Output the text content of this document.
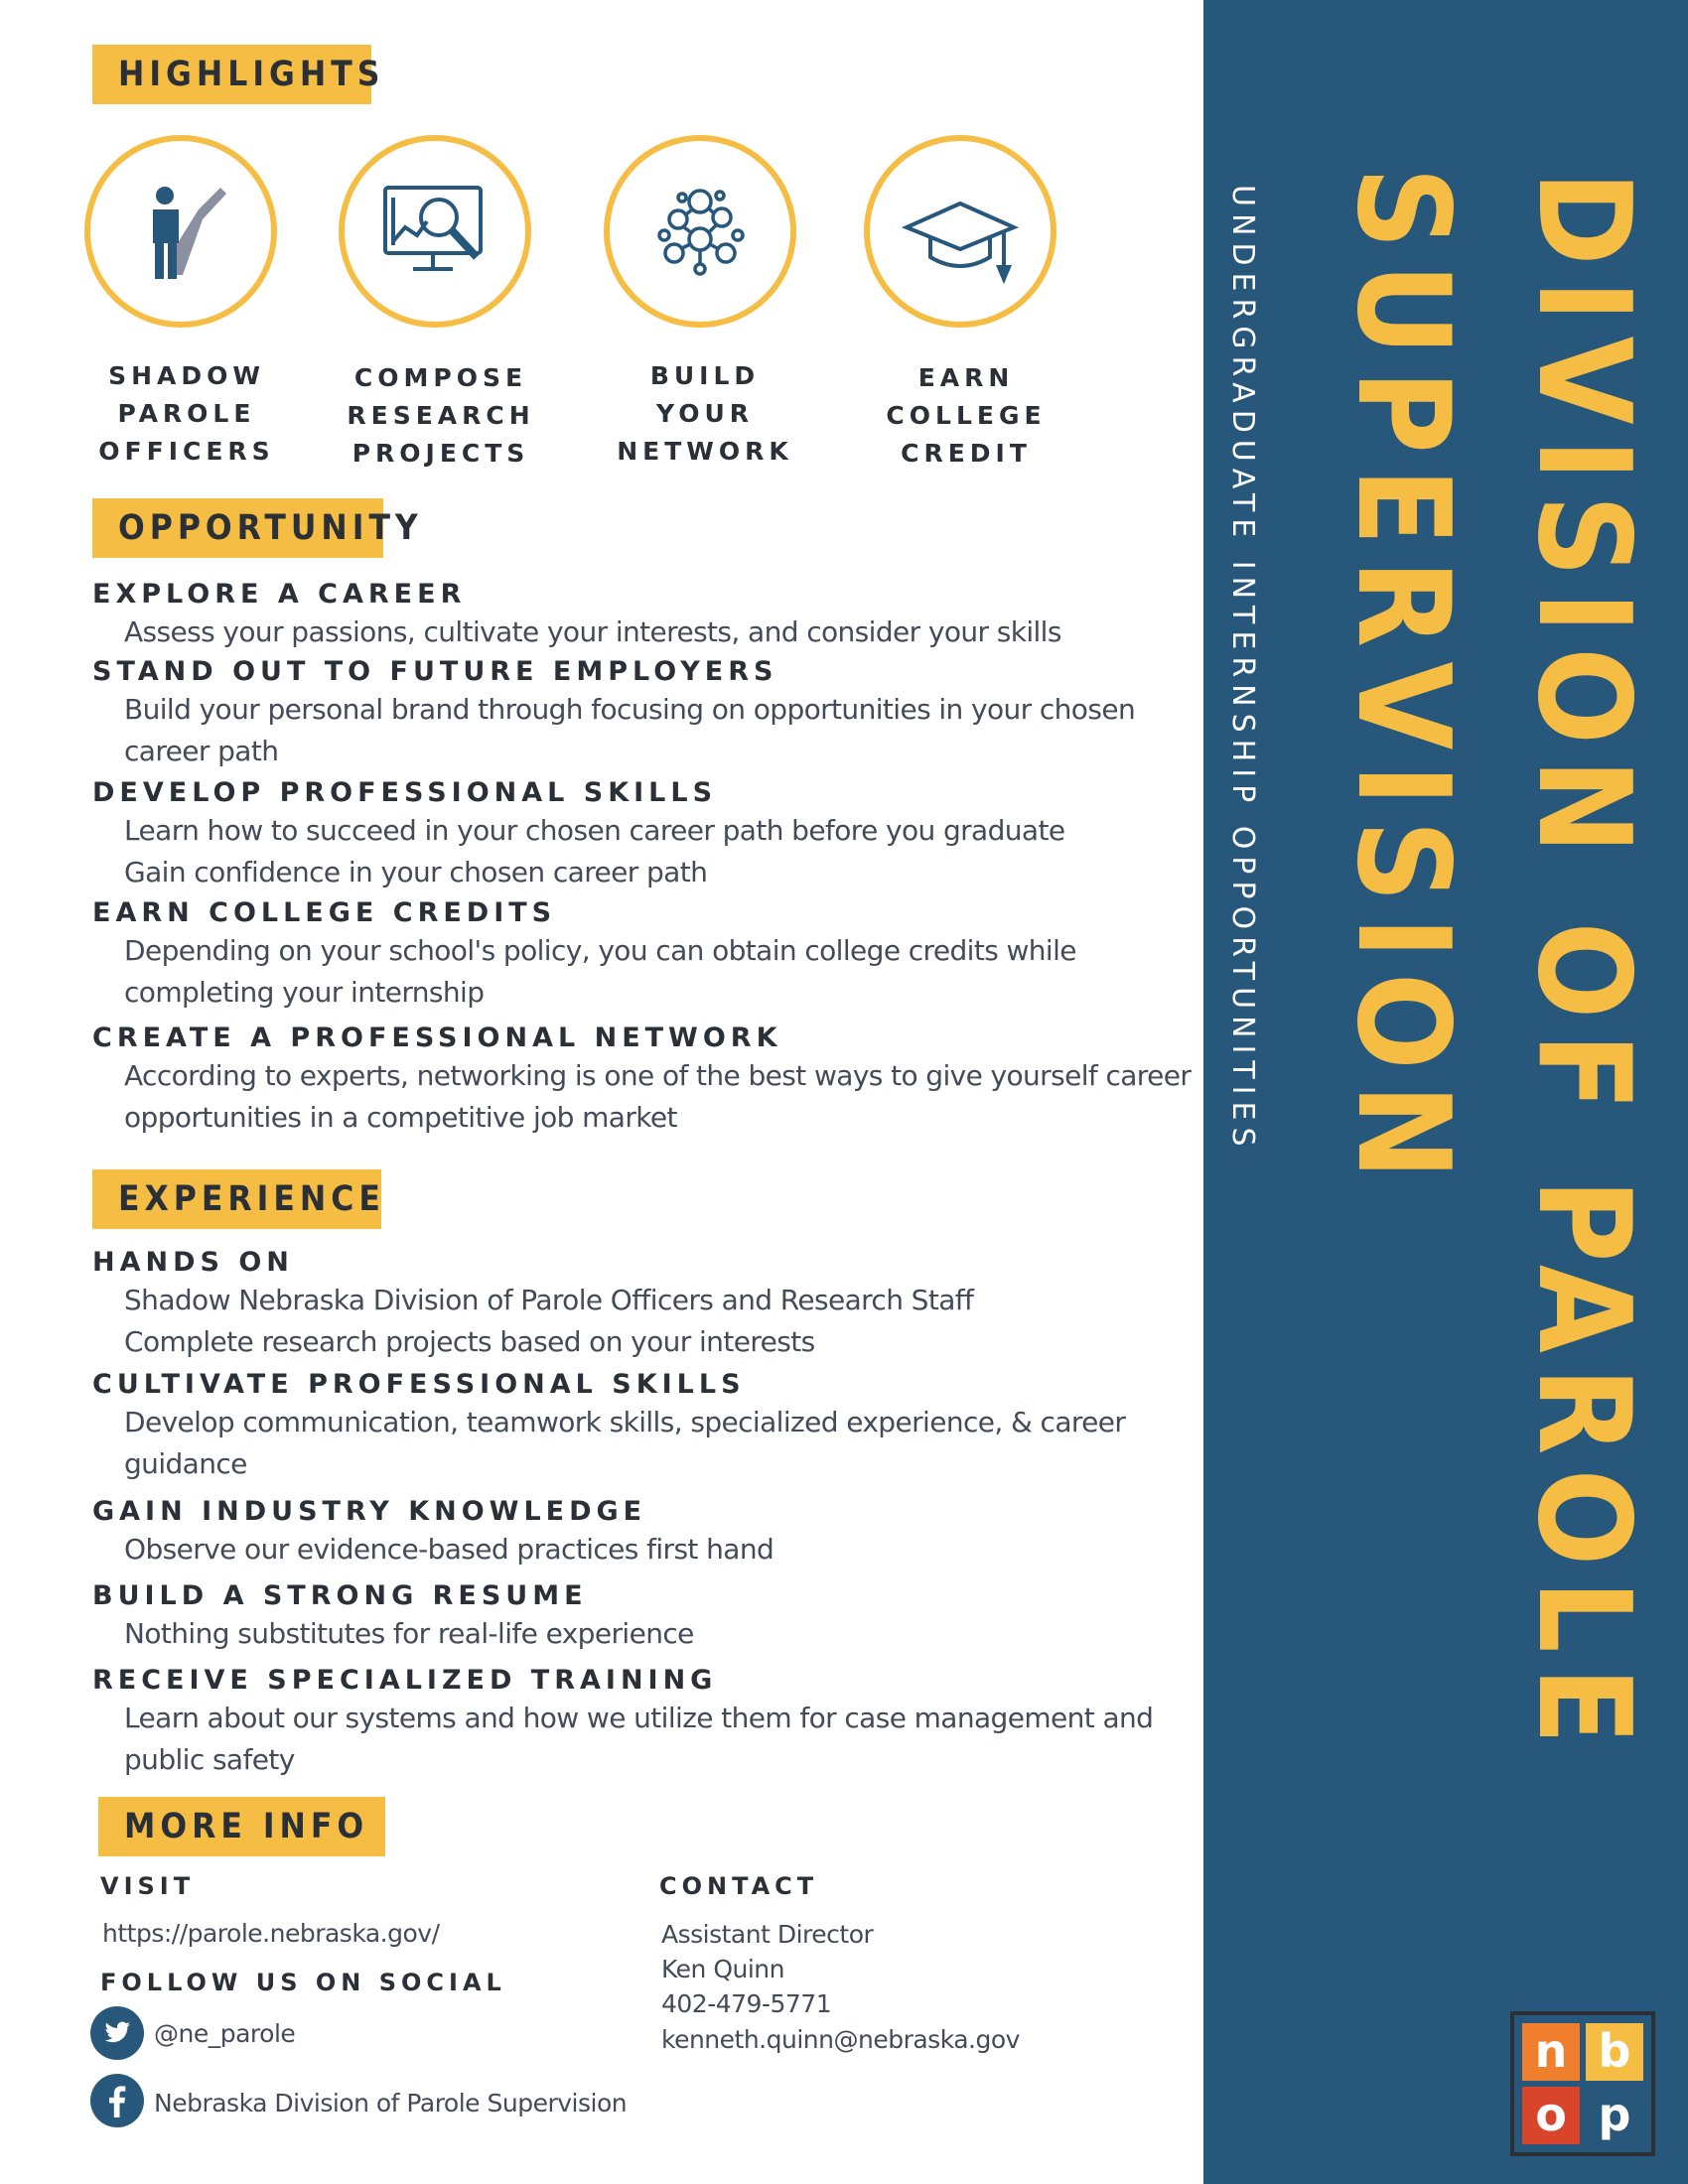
HIGHLIGHTS
SHADOW
PAROLE
OFFICERS
COMPOSE
RESEARCH
PROJECTS
BUILD
YOUR
NETWORK
EARN
COLLEGE
CREDIT
OPPORTUNITY
EXPLORE A CAREER
Assess your passions, cultivate your interests, and consider your skills
STAND OUT TO FUTURE EMPLOYERS
Build your personal brand through focusing on opportunities in your chosen
career path
DEVELOP PROFESSIONAL SKILLS
Learn how to succeed in your chosen career path before you graduate
Gain confidence in your chosen career path
EARN COLLEGE CREDITS
Depending on your school's policy, you can obtain college credits while
completing your internship
CREATE A PROFESSIONAL NETWORK
According to experts, networking is one of the best ways to give yourself career
opportunities in a competitive job market
EXPERIENCE
HANDS ON
Shadow Nebraska Division of Parole Officers and Research Staff
Complete research projects based on your interests
CULTIVATE PROFESSIONAL SKILLS
Develop communication, teamwork skills, specialized experience, & career
guidance
GAIN INDUSTRY KNOWLEDGE
Observe our evidence-based practices first hand
BUILD A STRONG RESUME
Nothing substitutes for real-life experience
RECEIVE SPECIALIZED TRAINING
Learn about our systems and how we utilize them for case management and
public safety
MORE INFO
VISIT
https://parole.nebraska.gov/
FOLLOW US ON SOCIAL
@ne_parole
Nebraska Division of Parole Supervision
CONTACT
Assistant Director
Ken Quinn
402-479-5771
kenneth.quinn@nebraska.gov
DIVISION OF PAROLE
SUPERVISION
UNDERGRADUATE INTERNSHIP OPPORTUNITIES
n b
o p
